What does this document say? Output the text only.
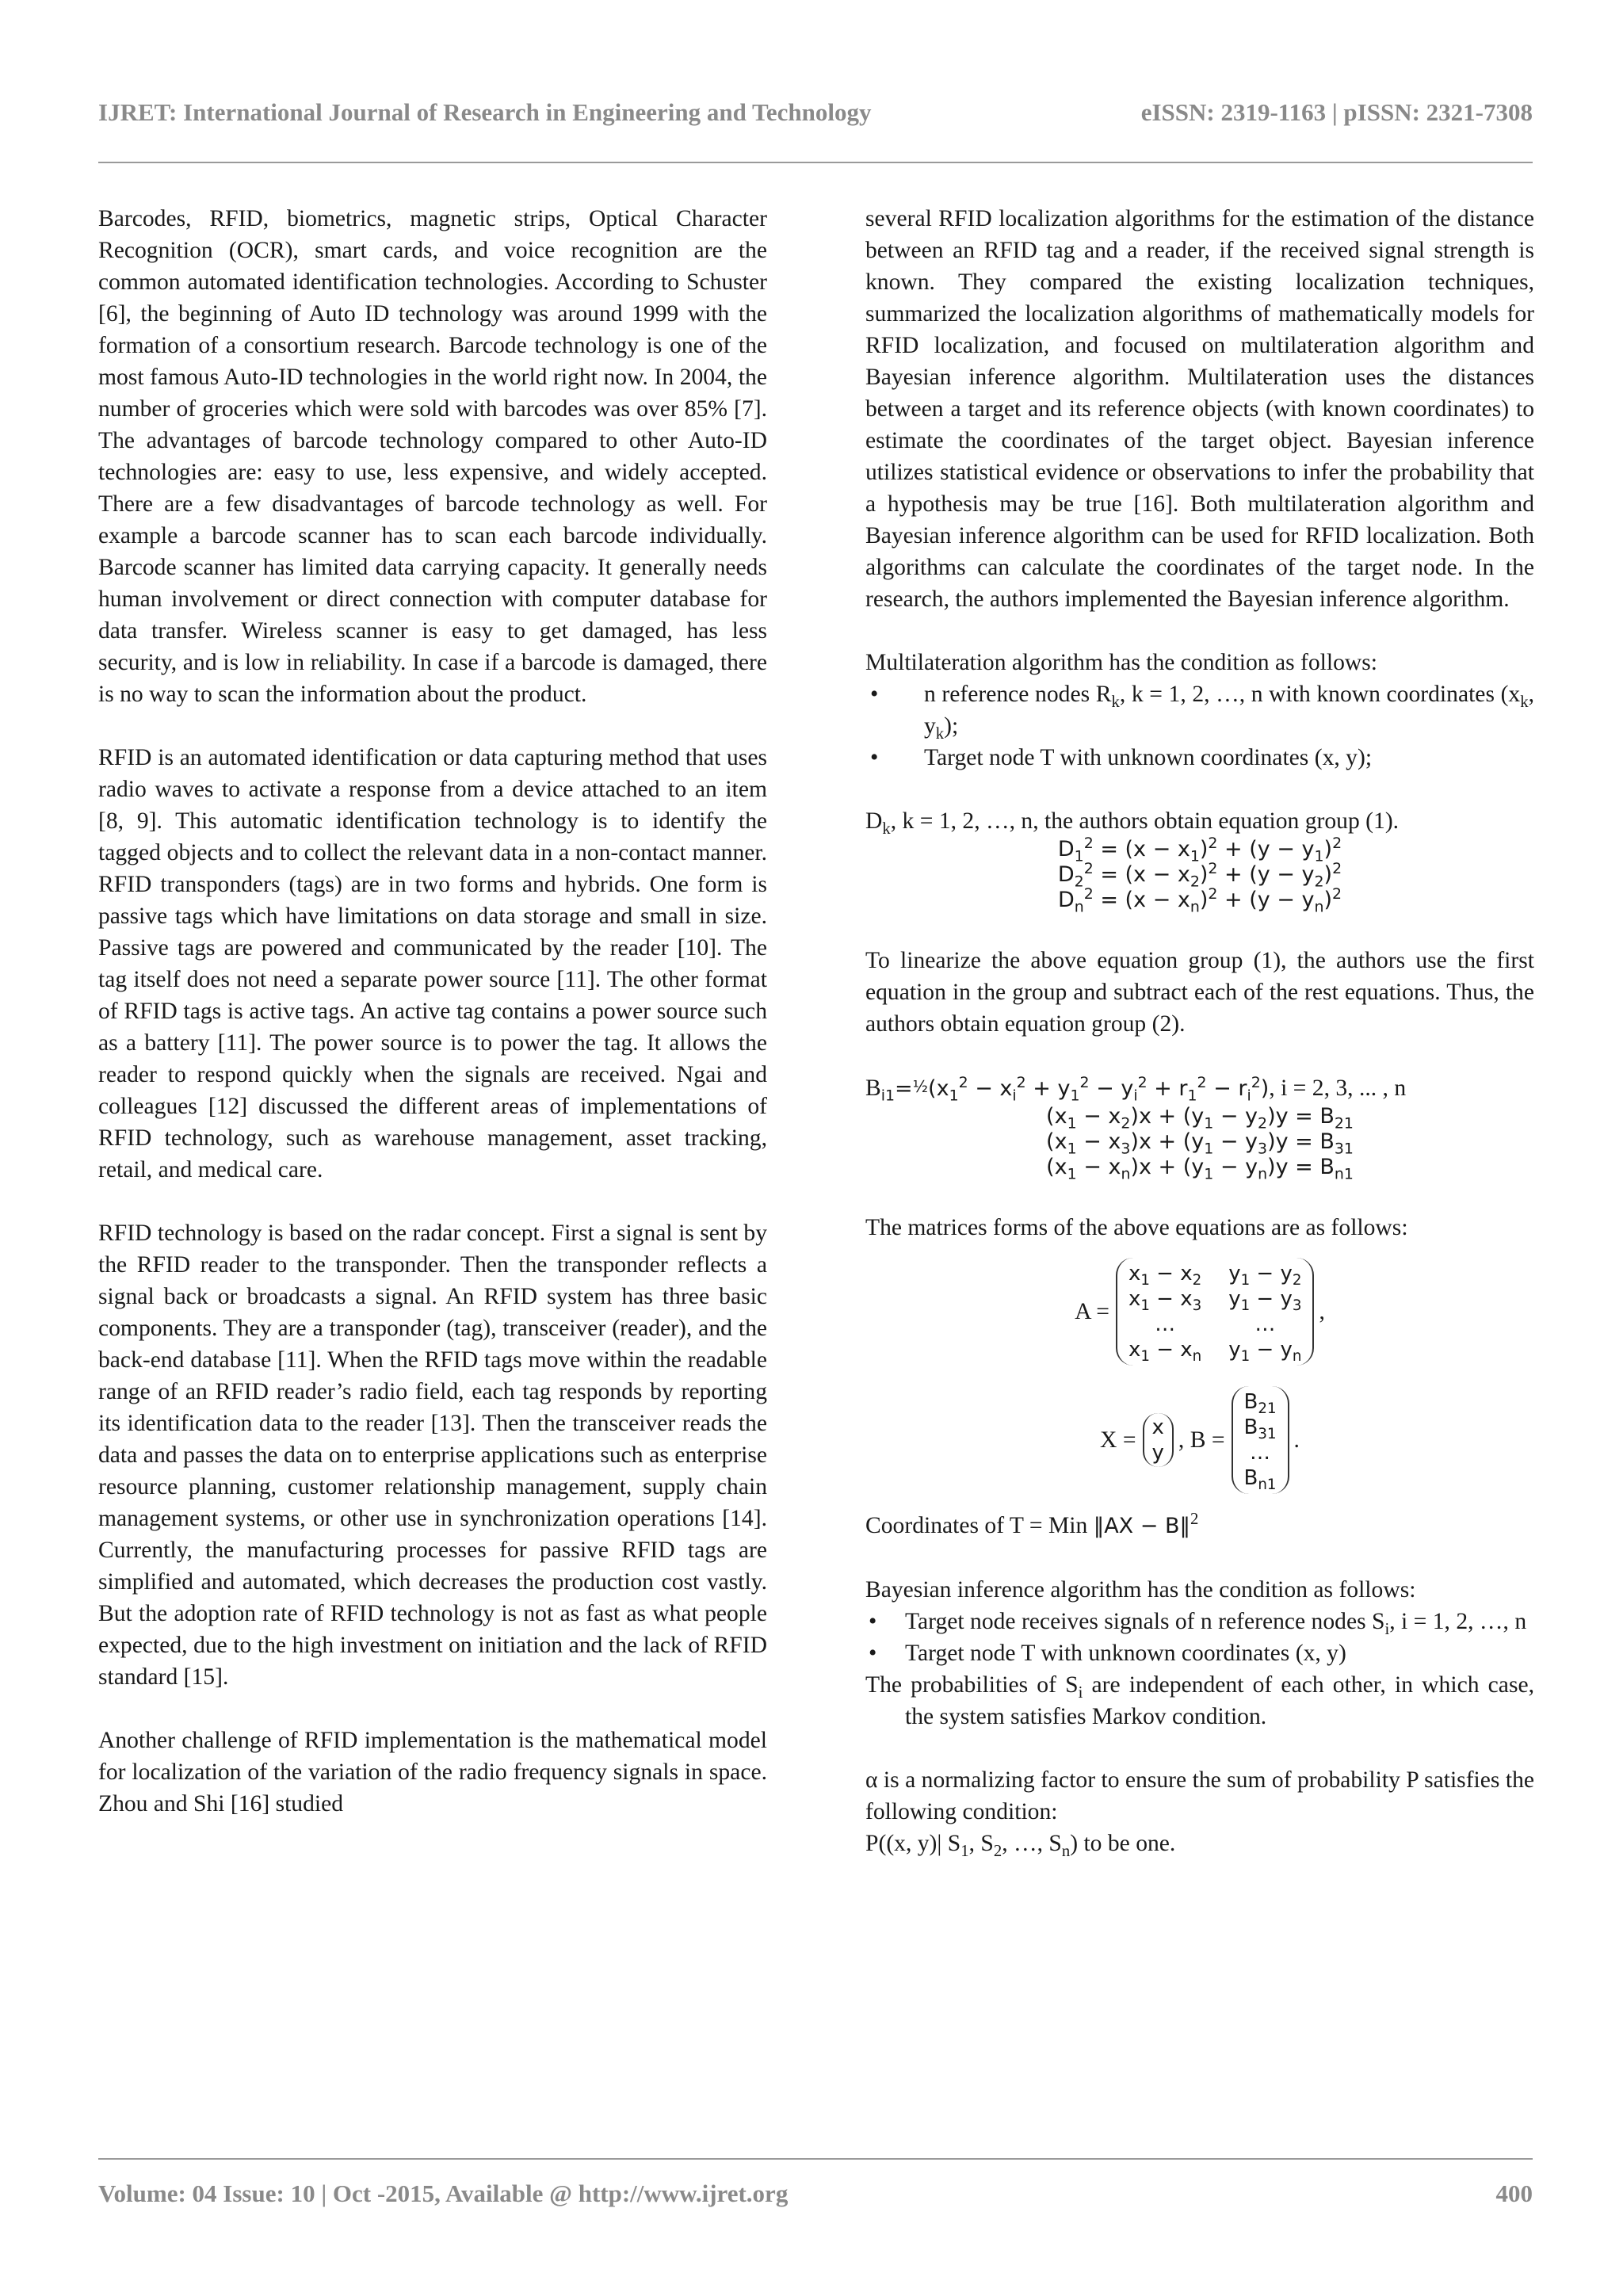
IJRET: International Journal of Research in Engineering and Technology	eISSN: 2319-1163 | pISSN: 2321-7308

Barcodes, RFID, biometrics, magnetic strips, Optical Character Recognition (OCR), smart cards, and voice recognition are the common automated identification technologies. According to Schuster [6], the beginning of Auto ID technology was around 1999 with the formation of a consortium research. Barcode technology is one of the most famous Auto-ID technologies in the world right now. In 2004, the number of groceries which were sold with barcodes was over 85% [7]. The advantages of barcode technology compared to other Auto-ID technologies are: easy to use, less expensive, and widely accepted. There are a few disadvantages of barcode technology as well. For example a barcode scanner has to scan each barcode individually. Barcode scanner has limited data carrying capacity. It generally needs human involvement or direct connection with computer database for data transfer. Wireless scanner is easy to get damaged, has less security, and is low in reliability. In case if a barcode is damaged, there is no way to scan the information about the product.

RFID is an automated identification or data capturing method that uses radio waves to activate a response from a device attached to an item [8, 9]. This automatic identification technology is to identify the tagged objects and to collect the relevant data in a non-contact manner. RFID transponders (tags) are in two forms and hybrids. One form is passive tags which have limitations on data storage and small in size. Passive tags are powered and communicated by the reader [10]. The tag itself does not need a separate power source [11]. The other format of RFID tags is active tags. An active tag contains a power source such as a battery [11]. The power source is to power the tag. It allows the reader to respond quickly when the signals are received. Ngai and colleagues [12] discussed the different areas of implementations of RFID technology, such as warehouse management, asset tracking, retail, and medical care.

RFID technology is based on the radar concept. First a signal is sent by the RFID reader to the transponder. Then the transponder reflects a signal back or broadcasts a signal. An RFID system has three basic components. They are a transponder (tag), transceiver (reader), and the back-end database [11]. When the RFID tags move within the readable range of an RFID reader’s radio field, each tag responds by reporting its identification data to the reader [13]. Then the transceiver reads the data and passes the data on to enterprise applications such as enterprise resource planning, customer relationship management, supply chain management systems, or other use in synchronization operations [14]. Currently, the manufacturing processes for passive RFID tags are simplified and automated, which decreases the production cost vastly. But the adoption rate of RFID technology is not as fast as what people expected, due to the high investment on initiation and the lack of RFID standard [15].

Another challenge of RFID implementation is the mathematical model for localization of the variation of the radio frequency signals in space. Zhou and Shi [16] studied

several RFID localization algorithms for the estimation of the distance between an RFID tag and a reader, if the received signal strength is known. They compared the existing localization techniques, summarized the localization algorithms of mathematically models for RFID localization, and focused on multilateration algorithm and Bayesian inference algorithm. Multilateration uses the distances between a target and its reference objects (with known coordinates) to estimate the coordinates of the target object. Bayesian inference utilizes statistical evidence or observations to infer the probability that a hypothesis may be true [16]. Both multilateration algorithm and Bayesian inference algorithm can be used for RFID localization. Both algorithms can calculate the coordinates of the target node. In the research, the authors implemented the Bayesian inference algorithm.

Multilateration algorithm has the condition as follows:

• n reference nodes $R_k$, k = 1, 2, …, n with known coordinates ($x_k$, $y_k$);
• Target node T with unknown coordinates (x, y);

$D_k$, k = 1, 2, …, n, the authors obtain equation group (1).

$D_1^2 = (x - x_1)^2 + (y - y_1)^2$
$D_2^2 = (x - x_2)^2 + (y - y_2)^2$
$D_n^2 = (x - x_n)^2 + (y - y_n)^2$

To linearize the above equation group (1), the authors use the first equation in the group and subtract each of the rest equations. Thus, the authors obtain equation group (2).

$B_{i1}=\frac{1}{2}(x_1^2 - x_i^2 + y_1^2 - y_i^2 + r_1^2 - r_i^2)$, i = 2, 3, ... , n
$(x_1 - x_2)x + (y_1 - y_2)y = B_{21}$
$(x_1 - x_3)x + (y_1 - y_3)y = B_{31}$
$(x_1 - x_n)x + (y_1 - y_n)y = B_{n1}$

The matrices forms of the above equations are as follows:

A =
$x_1 - x_2$ $y_1 - y_2$
$x_1 - x_3$ $y_1 - y_3$
…	…
$x_1 - x_n$ $y_1 - y_n$
,
X = x
y , B =
$B_{21}$
$B_{31}$
…
$B_{n1}$
.

Coordinates of T = Min ‖AX − B‖$^2$

Bayesian inference algorithm has the condition as follows:

• Target node receives signals of n reference nodes $S_i$, i = 1, 2, …, n
• Target node T with unknown coordinates (x, y)

The probabilities of $S_i$ are independent of each other, in which case, the system satisfies Markov condition.

α is a normalizing factor to ensure the sum of probability P satisfies the following condition:

P((x, y)| $S_1$, $S_2$, …, $S_n$) to be one.

Volume: 04 Issue: 10 | Oct -2015, Available @ http://www.ijret.org	400
